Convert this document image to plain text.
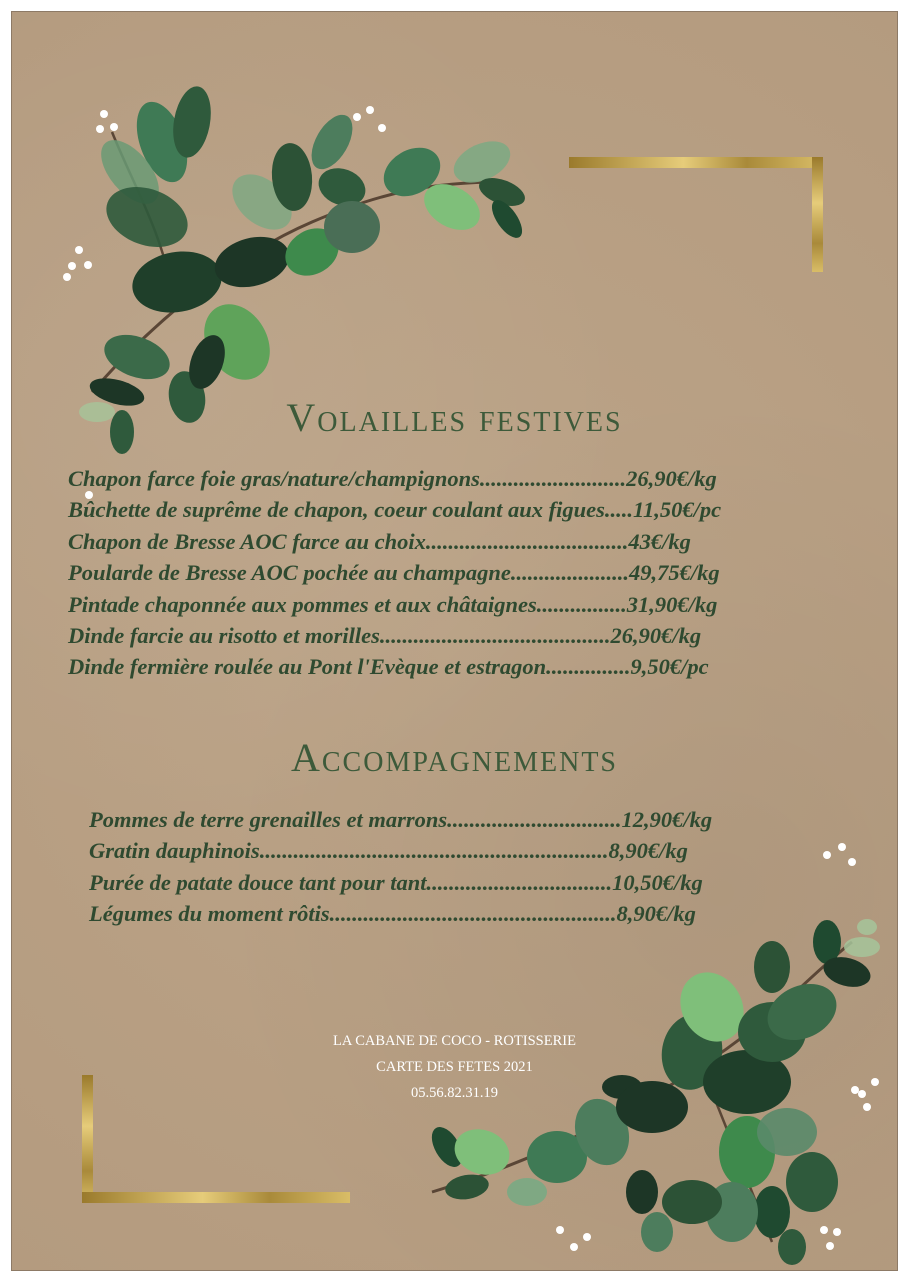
Volailles festives
Chapon farce foie gras/nature/champignons..........................26,90€/kg
Bûchette de suprême de chapon, coeur coulant aux figues.....11,50€/pc
Chapon de Bresse AOC farce au choix....................................43€/kg
Poularde de Bresse AOC pochée au champagne.....................49,75€/kg
Pintade chaponnée aux pommes et aux châtaignes................31,90€/kg
Dinde farcie au risotto et morilles.........................................26,90€/kg
Dinde fermière roulée au Pont l'Evèque et estragon...............9,50€/pc
Accompagnements
Pommes de terre grenailles et marrons...............................12,90€/kg
Gratin dauphinois..............................................................8,90€/kg
Purée de patate douce tant pour tant.................................10,50€/kg
Légumes du moment rôtis...................................................8,90€/kg
LA CABANE DE COCO - ROTISSERIE
CARTE DES FETES 2021
05.56.82.31.19
